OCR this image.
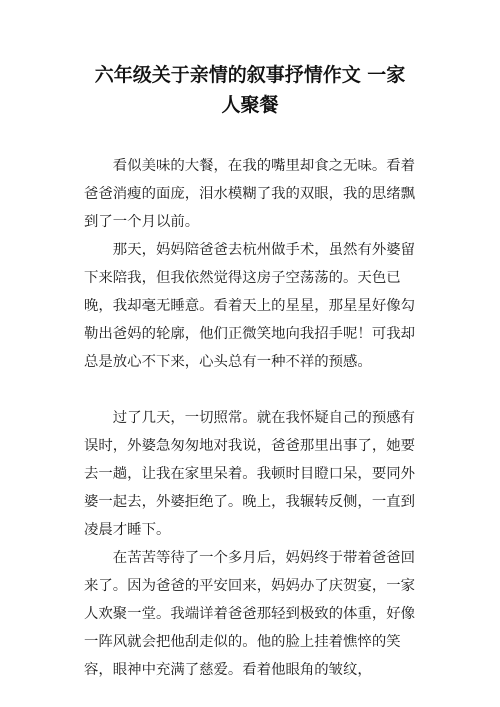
六年级关于亲情的叙事抒情作文 一家
人聚餐

看似美味的大餐，在我的嘴里却食之无味。看着爸爸消瘦的面庞，泪水模糊了我的双眼，我的思绪飘到了一个月以前。

那天，妈妈陪爸爸去杭州做手术，虽然有外婆留下来陪我，但我依然觉得这房子空荡荡的。天色已晚，我却毫无睡意。看着天上的星星，那星星好像勾勒出爸妈的轮廓，他们正微笑地向我招手呢！可我却总是放心不下来，心头总有一种不祥的预感。

过了几天，一切照常。就在我怀疑自己的预感有误时，外婆急匆匆地对我说，爸爸那里出事了，她要去一趟，让我在家里呆着。我顿时目瞪口呆，要同外婆一起去，外婆拒绝了。晚上，我辗转反侧，一直到凌晨才睡下。

在苦苦等待了一个多月后，妈妈终于带着爸爸回来了。因为爸爸的平安回来，妈妈办了庆贺宴，一家人欢聚一堂。我端详着爸爸那轻到极致的体重，好像一阵风就会把他刮走似的。他的脸上挂着憔悴的笑容，眼神中充满了慈爱。看着他眼角的皱纹，
